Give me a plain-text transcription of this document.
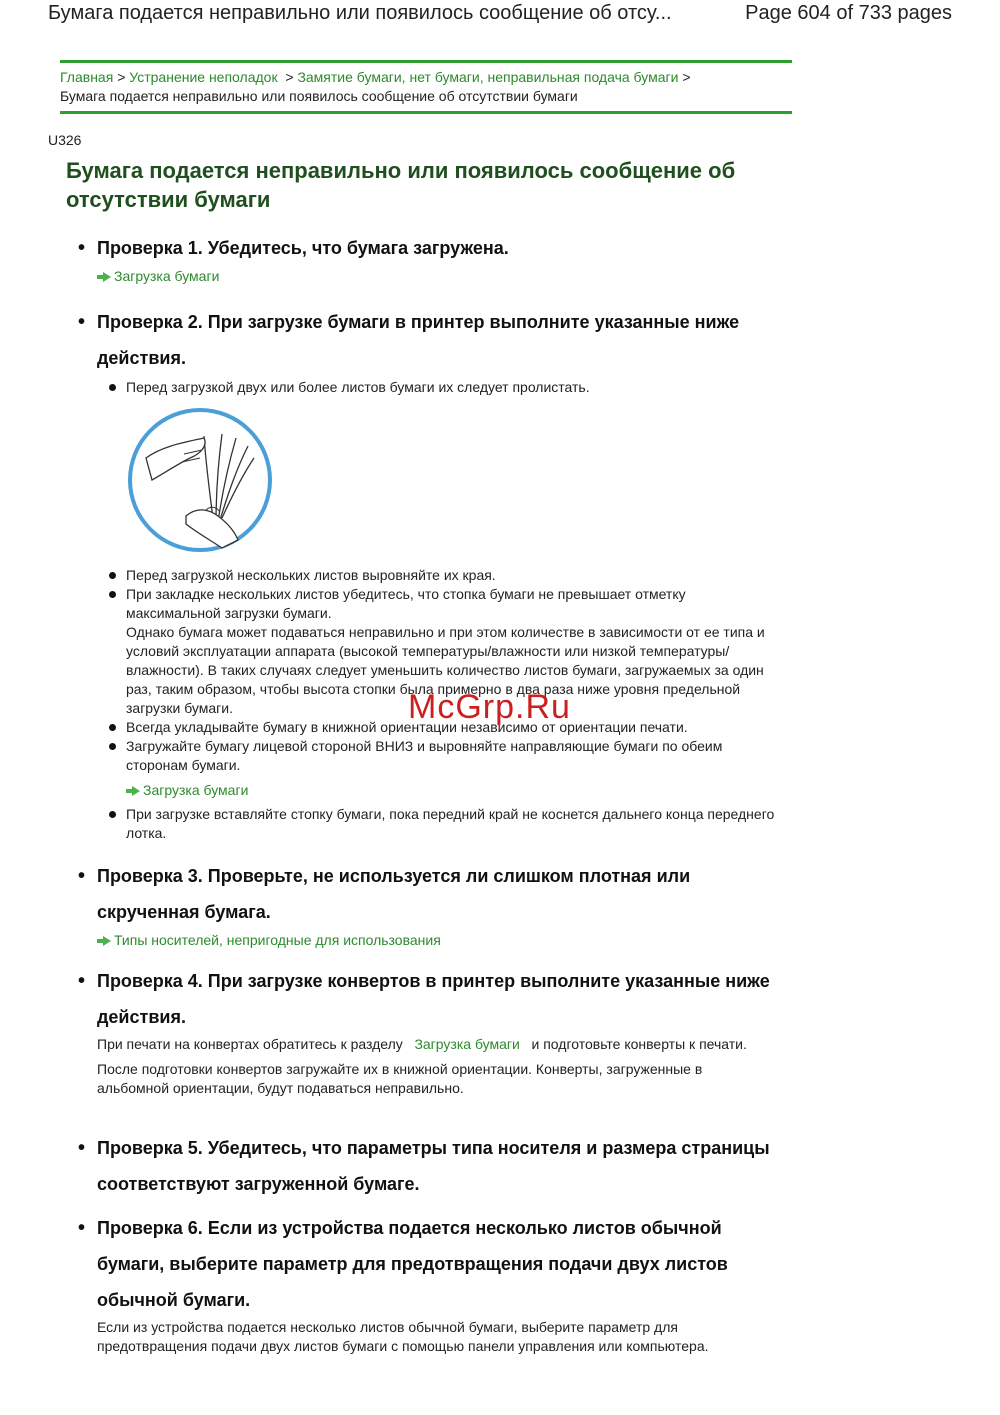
Бумага подается неправильно или появилось сообщение об отсу...	Page 604 of 733 pages
Главная > Устранение неполадок > Замятие бумаги, нет бумаги, неправильная подача бумаги >
Бумага подается неправильно или появилось сообщение об отсутствии бумаги
U326
Бумага подается неправильно или появилось сообщение об отсутствии бумаги

• Проверка 1. Убедитесь, что бумага загружена.

Загрузка бумаги

• Проверка 2. При загрузке бумаги в принтер выполните указанные ниже действия.

Перед загрузкой двух или более листов бумаги их следует пролистать.
Перед загрузкой нескольких листов выровняйте их края.
При закладке нескольких листов убедитесь, что стопка бумаги не превышает отметку максимальной загрузки бумаги.
Однако бумага может подаваться неправильно и при этом количестве в зависимости от ее типа и условий эксплуатации аппарата (высокой температуры/влажности или низкой температуры/влажности). В таких случаях следует уменьшить количество листов бумаги, загружаемых за один раз, таким образом, чтобы высота стопки была примерно в два раза ниже уровня предельной загрузки бумаги.
Всегда укладывайте бумагу в книжной ориентации независимо от ориентации печати.
Загружайте бумагу лицевой стороной ВНИЗ и выровняйте направляющие бумаги по обеим сторонам бумаги.
Загрузка бумаги
При загрузке вставляйте стопку бумаги, пока передний край не коснется дальнего конца переднего лотка.

• Проверка 3. Проверьте, не используется ли слишком плотная или скрученная бумага.

Типы носителей, непригодные для использования

• Проверка 4. При загрузке конвертов в принтер выполните указанные ниже действия.

При печати на конвертах обратитесь к разделу Загрузка бумаги и подготовьте конверты к печати.

После подготовки конвертов загружайте их в книжной ориентации. Конверты, загруженные в альбомной ориентации, будут подаваться неправильно.

• Проверка 5. Убедитесь, что параметры типа носителя и размера страницы соответствуют загруженной бумаге.

• Проверка 6. Если из устройства подается несколько листов обычной бумаги, выберите параметр для предотвращения подачи двух листов обычной бумаги.

Если из устройства подается несколько листов обычной бумаги, выберите параметр для предотвращения подачи двух листов бумаги с помощью панели управления или компьютера.

McGrp.Ru
